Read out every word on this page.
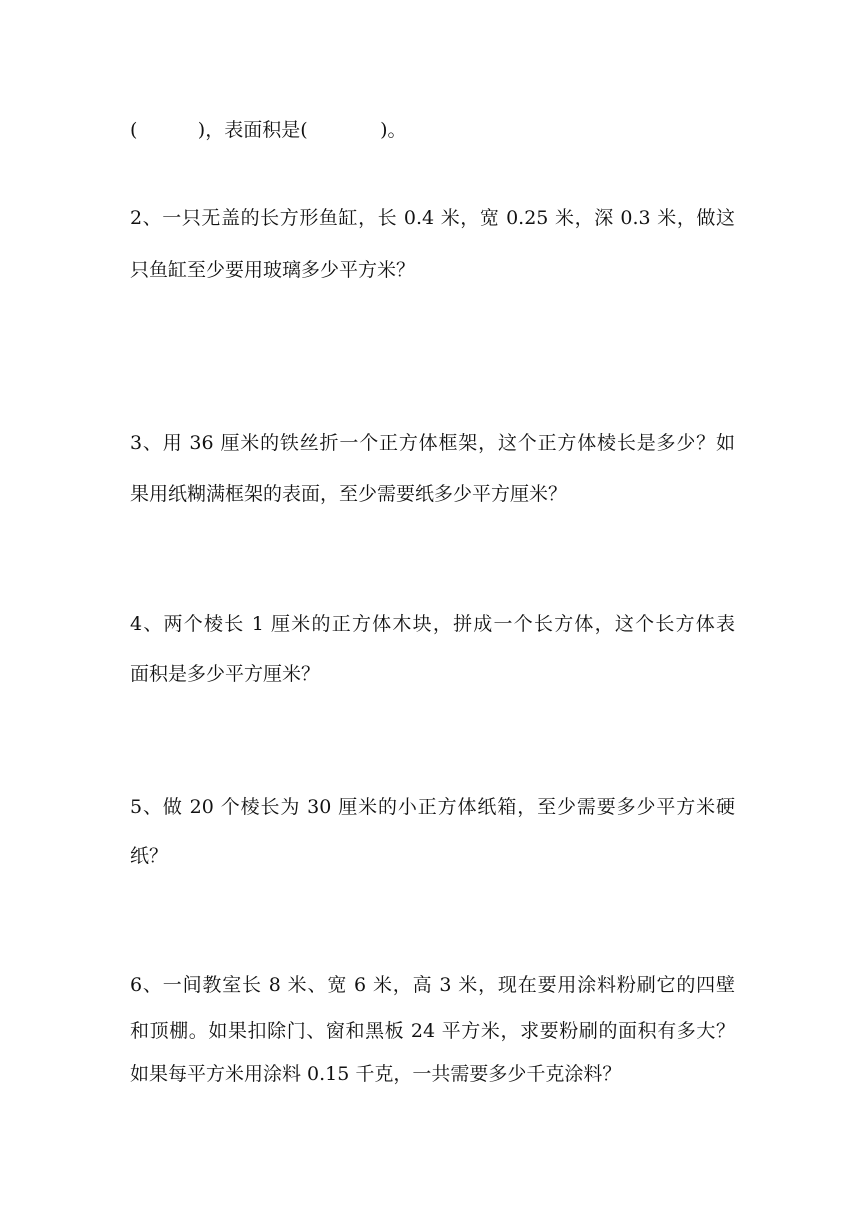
(          )，表面积是(            )。
2、一只无盖的长方形鱼缸，长 0.4 米，宽 0.25 米，深 0.3 米，做这
只鱼缸至少要用玻璃多少平方米？
3、用 36 厘米的铁丝折一个正方体框架，这个正方体棱长是多少？如
果用纸糊满框架的表面，至少需要纸多少平方厘米？
4、两个棱长 1 厘米的正方体木块，拼成一个长方体，这个长方体表
面积是多少平方厘米？
5、做 20 个棱长为 30 厘米的小正方体纸箱，至少需要多少平方米硬
纸？
6、一间教室长 8 米、宽 6 米，高 3 米，现在要用涂料粉刷它的四壁
和顶棚。如果扣除门、窗和黑板 24 平方米，求要粉刷的面积有多大？
如果每平方米用涂料 0.15 千克，一共需要多少千克涂料？
